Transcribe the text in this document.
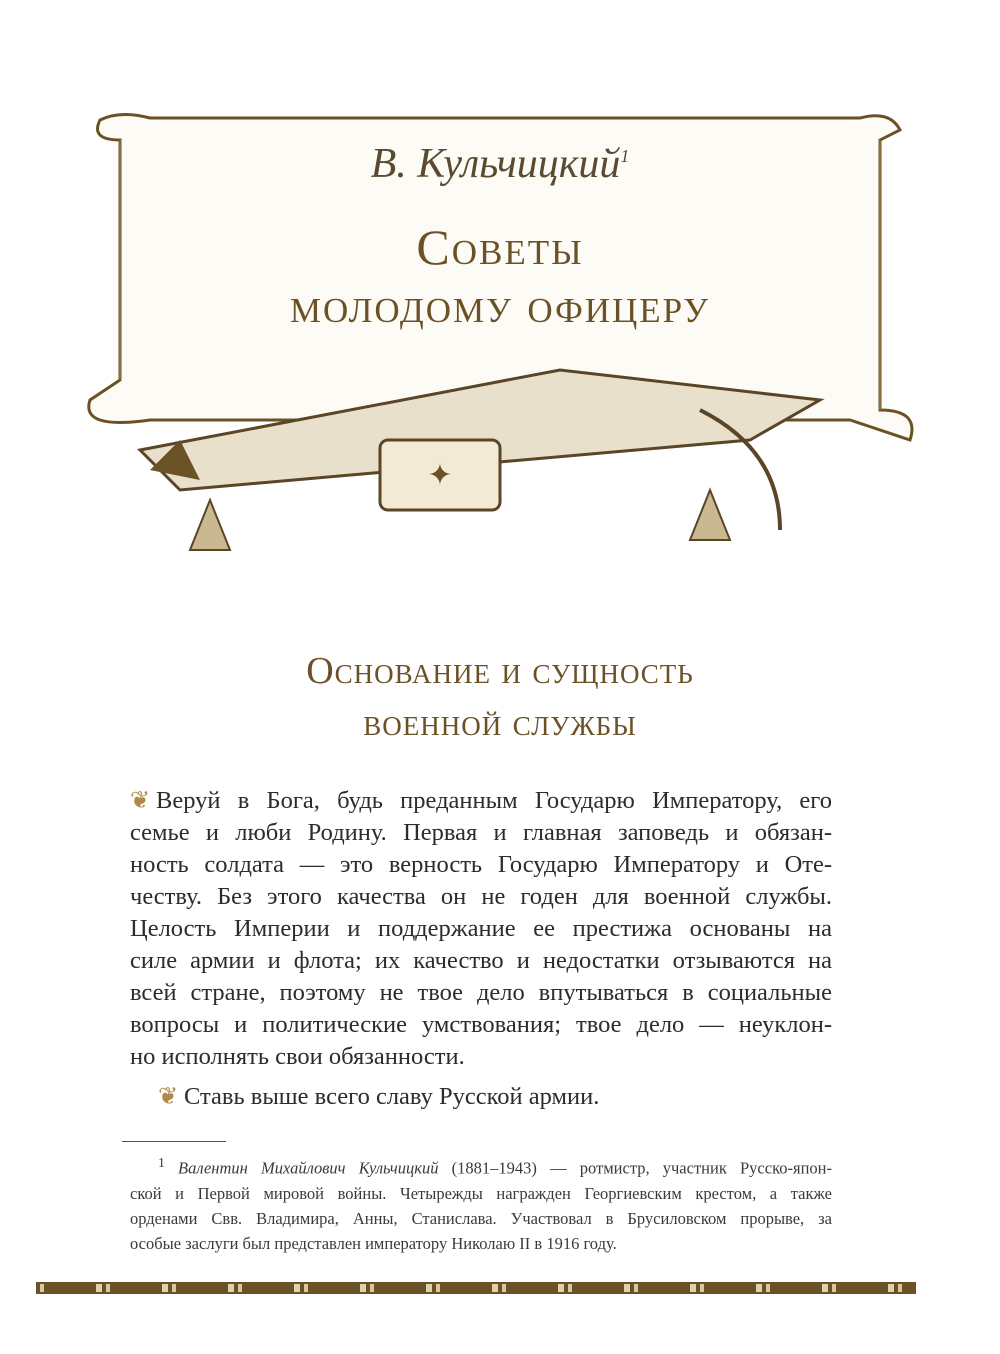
✦
В. Кульчицкий$^1$
Советы
молодому офицеру
Основание и сущность
военной службы
❦ Веруй в Бога, будь преданным Государю Императору, его
семье и люби Родину. Первая и главная заповедь и обязан-
ность солдата — это верность Государю Императору и Оте-
честву. Без этого качества он не годен для военной службы.
Целость Империи и поддержание ее престижа основаны на
силе армии и флота; их качество и недостатки отзываются на
всей стране, поэтому не твое дело впутываться в социальные
вопросы и политические умствования; твое дело — неуклон-
но исполнять свои обязанности.
❦ Ставь выше всего славу Русской армии.
$^1$ Валентин Михайлович Кульчицкий (1881–1943) — ротмистр, участник Русско-япон-
ской и Первой мировой войны. Четырежды награжден Георгиевским крестом, а также
орденами Свв. Владимира, Анны, Станислава. Участвовал в Брусиловском прорыве, за
особые заслуги был представлен императору Николаю II в 1916 году.
